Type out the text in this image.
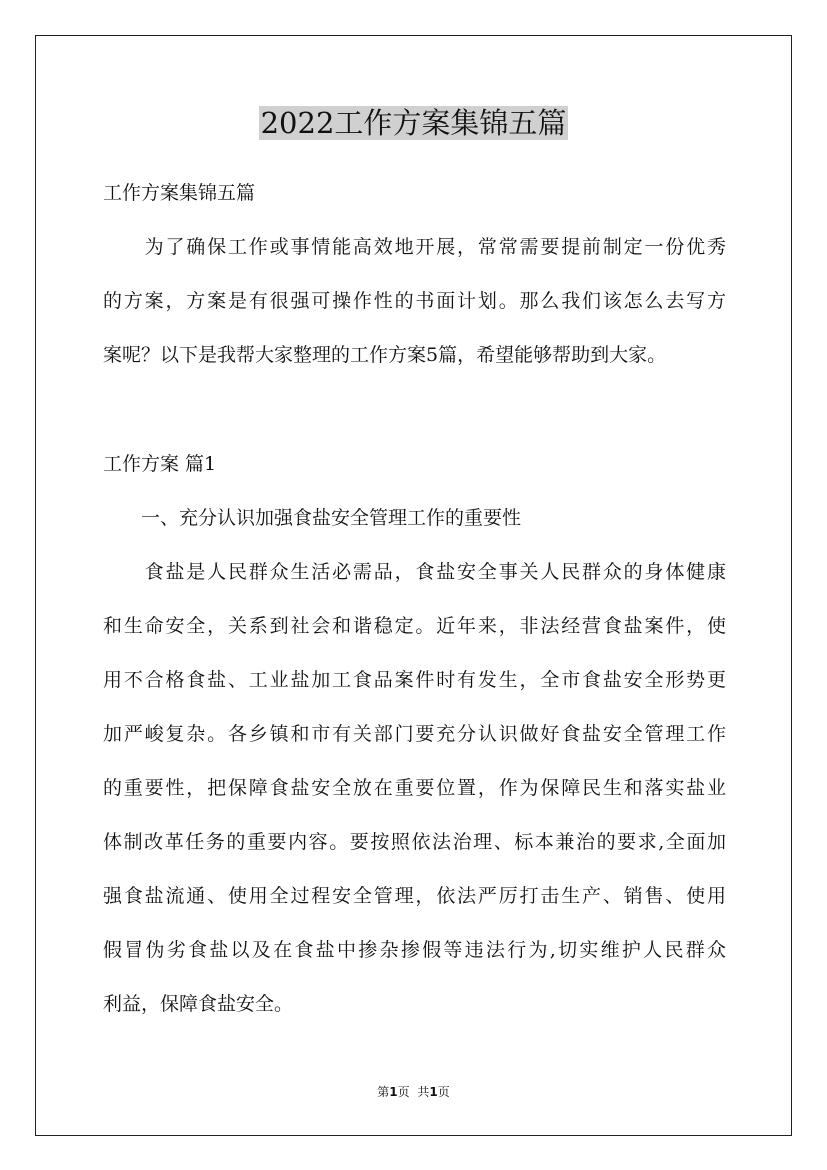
2022工作方案集锦五篇

工作方案集锦五篇

　　为了确保工作或事情能高效地开展，常常需要提前制定一份优秀

的方案，方案是有很强可操作性的书面计划。那么我们该怎么去写方

案呢？以下是我帮大家整理的工作方案5篇，希望能够帮助到大家。

工作方案 篇1

　　一、充分认识加强食盐安全管理工作的重要性

　　食盐是人民群众生活必需品，食盐安全事关人民群众的身体健康

和生命安全，关系到社会和谐稳定。近年来，非法经营食盐案件，使

用不合格食盐、工业盐加工食品案件时有发生，全市食盐安全形势更

加严峻复杂。各乡镇和市有关部门要充分认识做好食盐安全管理工作

的重要性，把保障食盐安全放在重要位置，作为保障民生和落实盐业

体制改革任务的重要内容。要按照依法治理、标本兼治的要求,全面加

强食盐流通、使用全过程安全管理，依法严厉打击生产、销售、使用

假冒伪劣食盐以及在食盐中掺杂掺假等违法行为,切实维护人民群众

利益，保障食盐安全。

第1页 共1页
